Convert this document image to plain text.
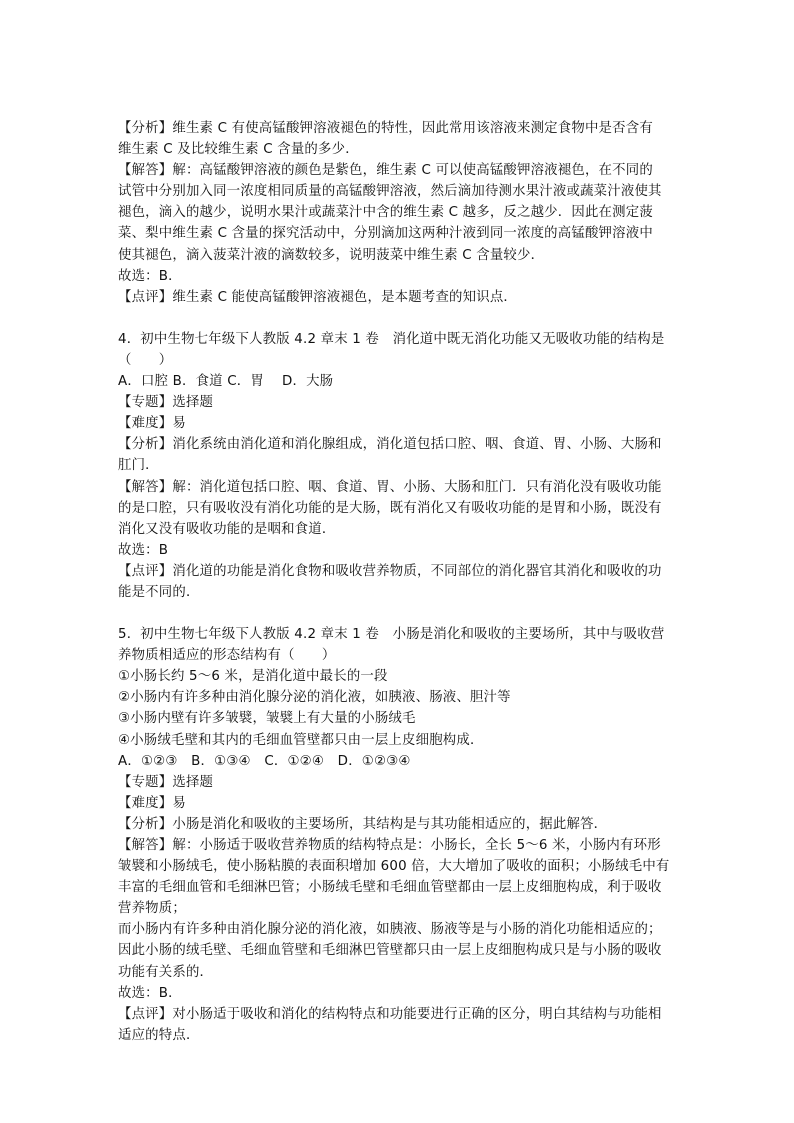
【分析】维生素 C 有使高锰酸钾溶液褪色的特性，因此常用该溶液来测定食物中是否含有
维生素 C 及比较维生素 C 含量的多少．
【解答】解：高锰酸钾溶液的颜色是紫色，维生素 C 可以使高锰酸钾溶液褪色，在不同的
试管中分别加入同一浓度相同质量的高锰酸钾溶液，然后滴加待测水果汁液或蔬菜汁液使其
褪色，滴入的越少，说明水果汁或蔬菜汁中含的维生素 C 越多，反之越少．因此在测定菠
菜、梨中维生素 C 含量的探究活动中，分别滴加这两种汁液到同一浓度的高锰酸钾溶液中
使其褪色，滴入菠菜汁液的滴数较多，说明菠菜中维生素 C 含量较少．
故选：B．
【点评】维生素 C 能使高锰酸钾溶液褪色，是本题考查的知识点．
4．初中生物七年级下人教版 4.2 章末 1 卷　消化道中既无消化功能又无吸收功能的结构是
（　　）
A．口腔 B．食道 C．胃　 D．大肠
【专题】选择题
【难度】易
【分析】消化系统由消化道和消化腺组成，消化道包括口腔、咽、食道、胃、小肠、大肠和
肛门．
【解答】解：消化道包括口腔、咽、食道、胃、小肠、大肠和肛门．只有消化没有吸收功能
的是口腔，只有吸收没有消化功能的是大肠，既有消化又有吸收功能的是胃和小肠，既没有
消化又没有吸收功能的是咽和食道．
故选：B
【点评】消化道的功能是消化食物和吸收营养物质，不同部位的消化器官其消化和吸收的功
能是不同的．
5．初中生物七年级下人教版 4.2 章末 1 卷　小肠是消化和吸收的主要场所，其中与吸收营
养物质相适应的形态结构有（　　）
①小肠长约 5～6 米，是消化道中最长的一段
②小肠内有许多种由消化腺分泌的消化液，如胰液、肠液、胆汁等
③小肠内壁有许多皱襞，皱襞上有大量的小肠绒毛
④小肠绒毛壁和其内的毛细血管壁都只由一层上皮细胞构成．
A．①②③　B．①③④　C．①②④　D．①②③④
【专题】选择题
【难度】易
【分析】小肠是消化和吸收的主要场所，其结构是与其功能相适应的，据此解答．
【解答】解：小肠适于吸收营养物质的结构特点是：小肠长，全长 5～6 米，小肠内有环形
皱襞和小肠绒毛，使小肠粘膜的表面积增加 600 倍，大大增加了吸收的面积；小肠绒毛中有
丰富的毛细血管和毛细淋巴管；小肠绒毛壁和毛细血管壁都由一层上皮细胞构成，利于吸收
营养物质；
而小肠内有许多种由消化腺分泌的消化液，如胰液、肠液等是与小肠的消化功能相适应的；
因此小肠的绒毛壁、毛细血管壁和毛细淋巴管壁都只由一层上皮细胞构成只是与小肠的吸收
功能有关系的．
故选：B．
【点评】对小肠适于吸收和消化的结构特点和功能要进行正确的区分，明白其结构与功能相
适应的特点．
